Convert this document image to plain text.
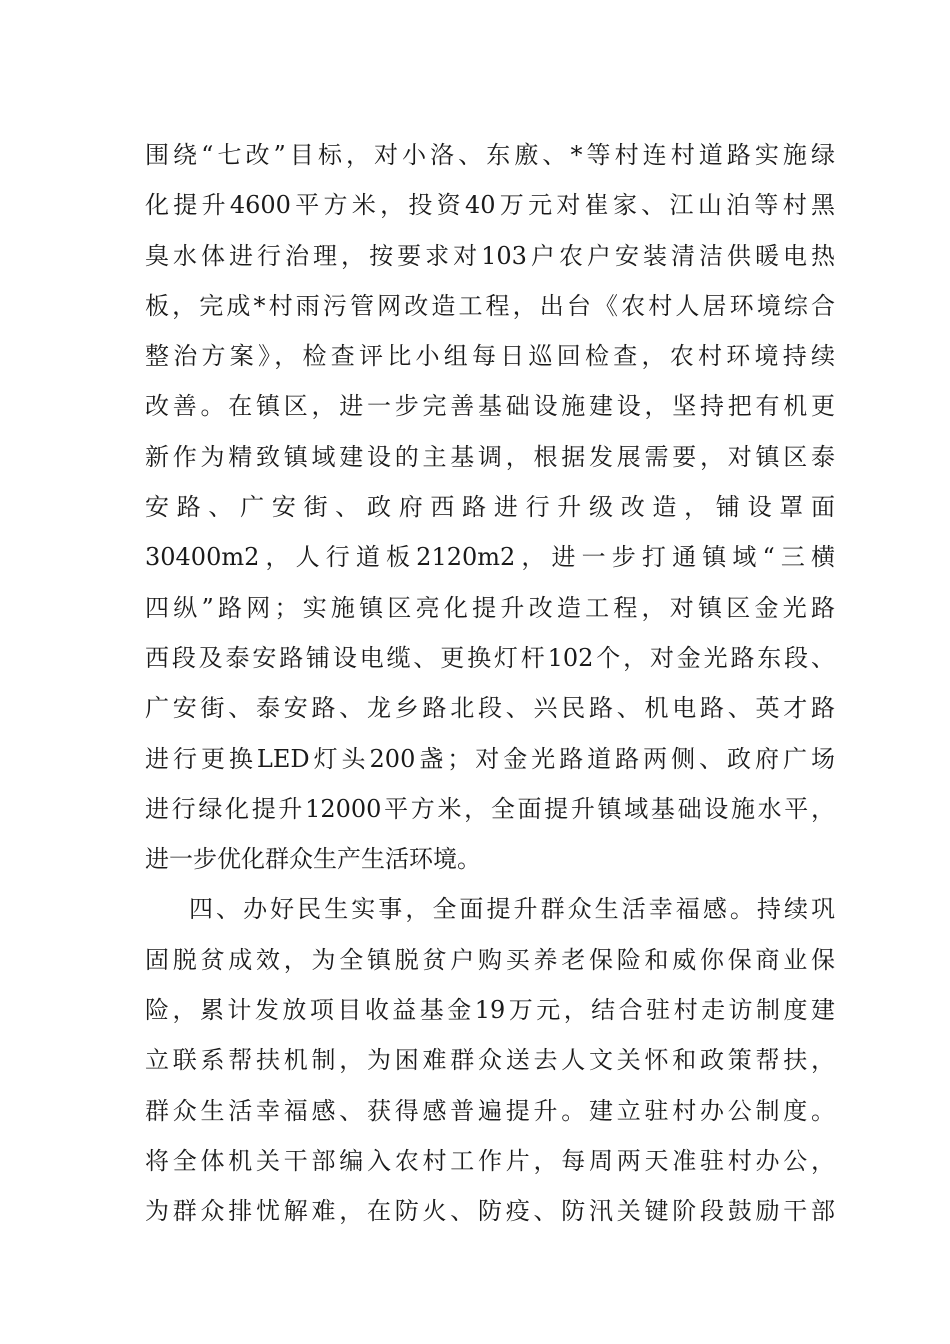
围绕“七改”目标，对小洛、东廒、*等村连村道路实施绿
化提升4600平方米，投资40万元对崔家、江山泊等村黑
臭水体进行治理，按要求对103户农户安装清洁供暖电热
板，完成*村雨污管网改造工程，出台《农村人居环境综合
整治方案》，检查评比小组每日巡回检查，农村环境持续
改善。在镇区，进一步完善基础设施建设，坚持把有机更
新作为精致镇域建设的主基调，根据发展需要，对镇区泰
安路、广安街、政府西路进行升级改造，铺设罩面
30400m2，人行道板2120m2，进一步打通镇域“三横
四纵”路网；实施镇区亮化提升改造工程，对镇区金光路
西段及泰安路铺设电缆、更换灯杆102个，对金光路东段、
广安街、泰安路、龙乡路北段、兴民路、机电路、英才路
进行更换LED灯头200盏；对金光路道路两侧、政府广场
进行绿化提升12000平方米，全面提升镇域基础设施水平，
进一步优化群众生产生活环境。
四、办好民生实事，全面提升群众生活幸福感。持续巩
固脱贫成效，为全镇脱贫户购买养老保险和威你保商业保
险，累计发放项目收益基金19万元，结合驻村走访制度建
立联系帮扶机制，为困难群众送去人文关怀和政策帮扶，
群众生活幸福感、获得感普遍提升。建立驻村办公制度。
将全体机关干部编入农村工作片，每周两天准驻村办公，
为群众排忧解难，在防火、防疫、防汛关键阶段鼓励干部
